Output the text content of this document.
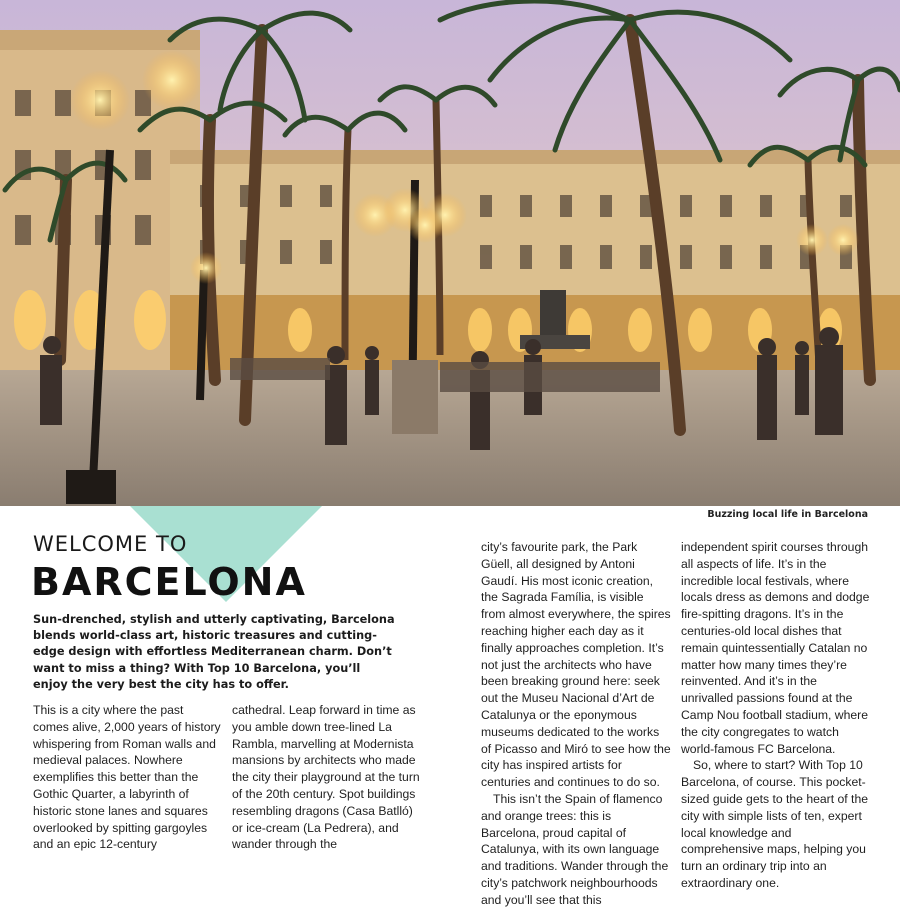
Buzzing local life in Barcelona
WELCOME TO
BARCELONA
Sun-drenched, stylish and utterly captivating, Barcelona blends world-class art, historic treasures and cutting-edge design with effortless Mediterranean charm. Don’t want to miss a thing? With Top 10 Barcelona, you’ll enjoy the very best the city has to offer.

This is a city where the past comes alive, 2,000 years of history whispering from Roman walls and medieval palaces. Nowhere exemplifies this better than the Gothic Quarter, a labyrinth of historic stone lanes and squares overlooked by spitting gargoyles and an epic 12-century

cathedral. Leap forward in time as you amble down tree-lined La Rambla, marvelling at Modernista mansions by architects who made the city their playground at the turn of the 20th century. Spot buildings resembling dragons (Casa Batlló) or ice-cream (La Pedrera), and wander through the

city’s favourite park, the Park Güell, all designed by Antoni Gaudí. His most iconic creation, the Sagrada Família, is visible from almost everywhere, the spires reaching higher each day as it finally approaches completion. It’s not just the architects who have been breaking ground here: seek out the Museu Nacional d’Art de Catalunya or the eponymous museums dedicated to the works of Picasso and Miró to see how the city has inspired artists for centuries and continues to do so.

This isn’t the Spain of flamenco and orange trees: this is Barcelona, proud capital of Catalunya, with its own language and traditions. Wander through the city’s patchwork neighbourhoods and you’ll see that this

independent spirit courses through all aspects of life. It’s in the incredible local festivals, where locals dress as demons and dodge fire-spitting dragons. It’s in the centuries-old local dishes that remain quintessentially Catalan no matter how many times they’re reinvented. And it’s in the unrivalled passions found at the Camp Nou football stadium, where the city congregates to watch world-famous FC Barcelona.

So, where to start? With Top 10 Barcelona, of course. This pocket-sized guide gets to the heart of the city with simple lists of ten, expert local knowledge and comprehensive maps, helping you turn an ordinary trip into an extraordinary one.
